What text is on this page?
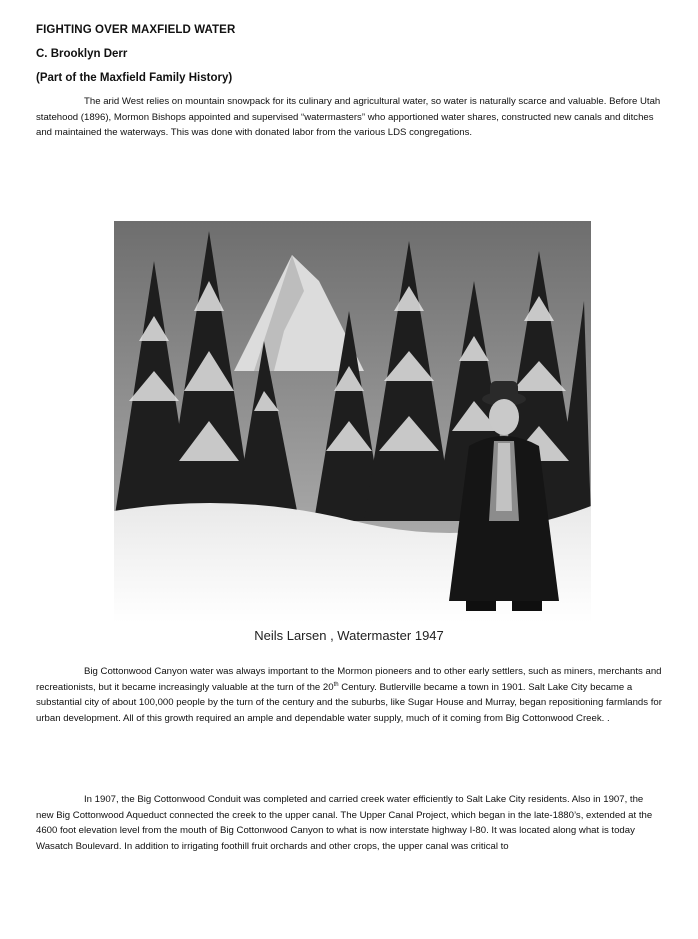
FIGHTING OVER MAXFIELD WATER
C. Brooklyn Derr
(Part of the Maxfield Family History)

The arid West relies on mountain snowpack for its culinary and agricultural water, so water is naturally scarce and valuable. Before Utah statehood (1896), Mormon Bishops appointed and supervised “watermasters” who apportioned water shares, constructed new canals and ditches and maintained the waterways. This was done with donated labor from the various LDS congregations.

Neils Larsen , Watermaster 1947

Big Cottonwood Canyon water was always important to the Mormon pioneers and to other early settlers, such as miners, merchants and recreationists, but it became increasingly valuable at the turn of the 20th Century. Butlerville became a town in 1901. Salt Lake City became a substantial city of about 100,000 people by the turn of the century and the suburbs, like Sugar House and Murray, began repositioning farmlands for urban development. All of this growth required an ample and dependable water supply, much of it coming from Big Cottonwood Creek. .

In 1907, the Big Cottonwood Conduit was completed and carried creek water efficiently to Salt Lake City residents. Also in 1907, the new Big Cottonwood Aqueduct connected the creek to the upper canal. The Upper Canal Project, which began in the late-1880’s, extended at the 4600 foot elevation level from the mouth of Big Cottonwood Canyon to what is now interstate highway I-80. It was located along what is today Wasatch Boulevard. In addition to irrigating foothill fruit orchards and other crops, the upper canal was critical to
